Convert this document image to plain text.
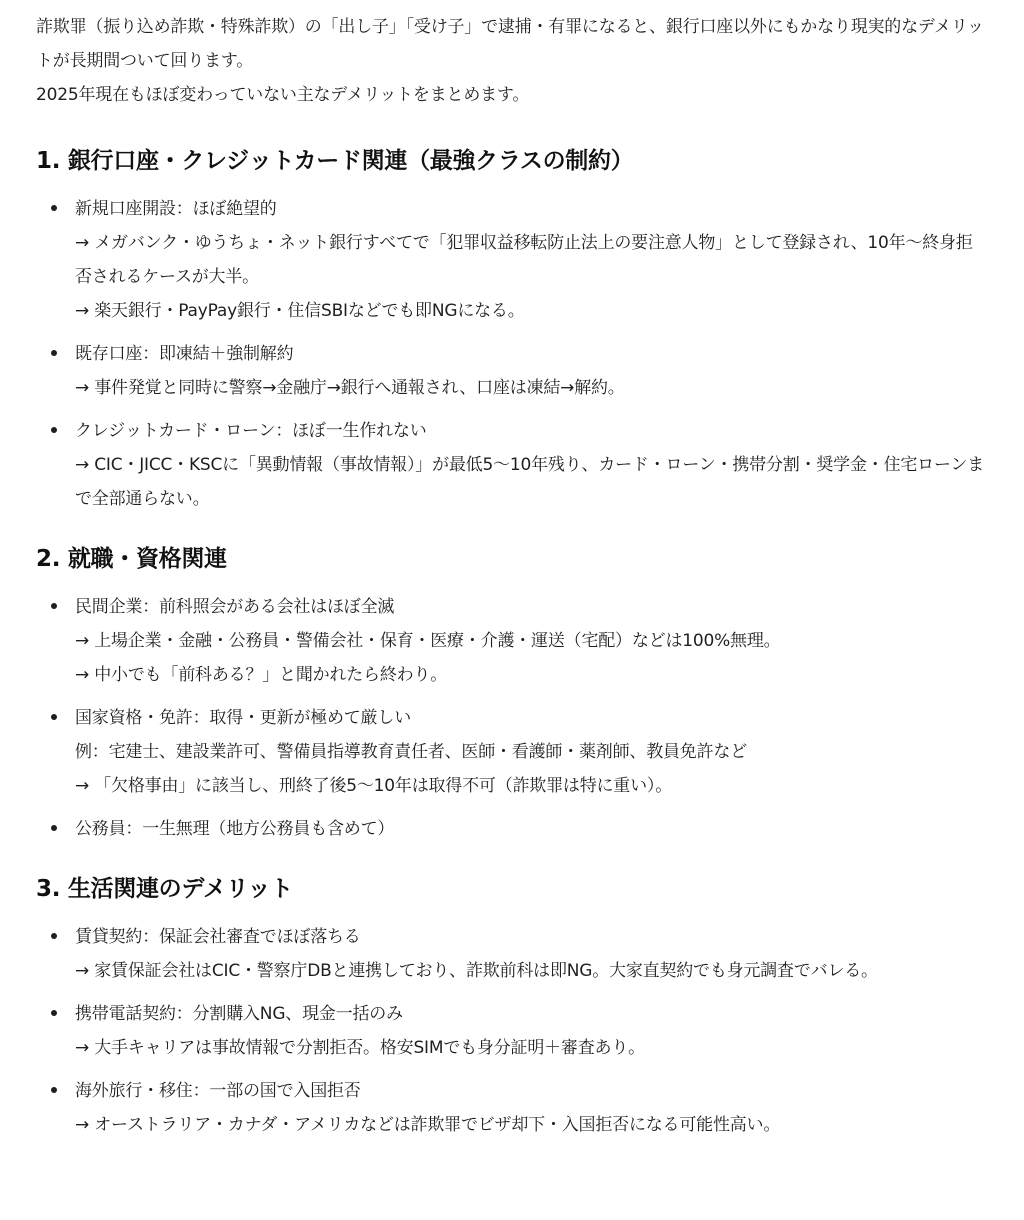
詐欺罪（振り込め詐欺・特殊詐欺）の「出し子」「受け子」で逮捕・有罪になると、銀行口座以外にもかなり現実的なデメリットが長期間ついて回ります。

2025年現在もほぼ変わっていない主なデメリットをまとめます。

1. 銀行口座・クレジットカード関連（最強クラスの制約）
新規口座開設：ほぼ絶望的
→ メガバンク・ゆうちょ・ネット銀行すべてで「犯罪収益移転防止法上の要注意人物」として登録され、10年〜終身拒否されるケースが大半。
→ 楽天銀行・PayPay銀行・住信SBIなどでも即NGになる。
既存口座：即凍結＋強制解約
→ 事件発覚と同時に警察→金融庁→銀行へ通報され、口座は凍結→解約。
クレジットカード・ローン：ほぼ一生作れない
→ CIC・JICC・KSCに「異動情報（事故情報）」が最低5〜10年残り、カード・ローン・携帯分割・奨学金・住宅ローンまで全部通らない。
2. 就職・資格関連
民間企業：前科照会がある会社はほぼ全滅
→ 上場企業・金融・公務員・警備会社・保育・医療・介護・運送（宅配）などは100%無理。
→ 中小でも「前科ある？」と聞かれたら終わり。
国家資格・免許：取得・更新が極めて厳しい
例：宅建士、建設業許可、警備員指導教育責任者、医師・看護師・薬剤師、教員免許など
→ 「欠格事由」に該当し、刑終了後5〜10年は取得不可（詐欺罪は特に重い）。
公務員：一生無理（地方公務員も含めて）
3. 生活関連のデメリット
賃貸契約：保証会社審査でほぼ落ちる
→ 家賃保証会社はCIC・警察庁DBと連携しており、詐欺前科は即NG。大家直契約でも身元調査でバレる。
携帯電話契約：分割購入NG、現金一括のみ
→ 大手キャリアは事故情報で分割拒否。格安SIMでも身分証明＋審査あり。
海外旅行・移住：一部の国で入国拒否
→ オーストラリア・カナダ・アメリカなどは詐欺罪でビザ却下・入国拒否になる可能性高い。
